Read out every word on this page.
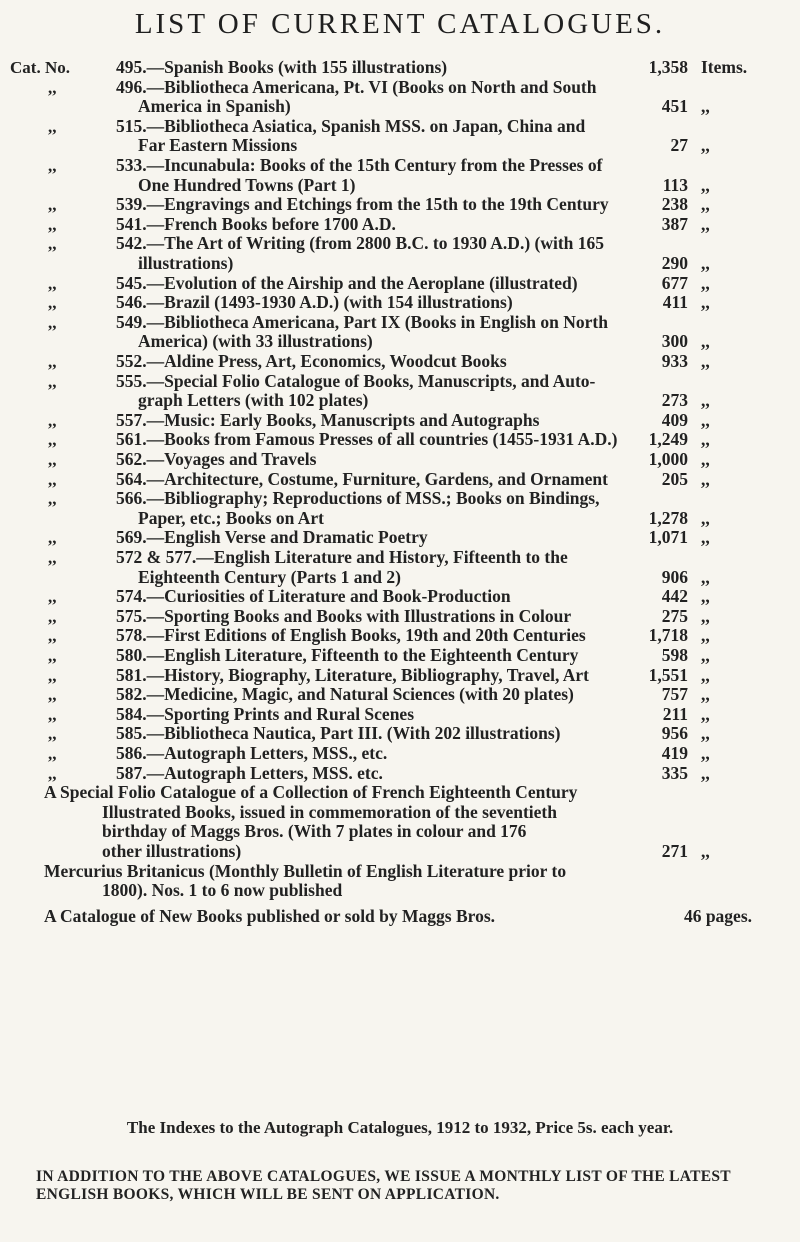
LIST OF CURRENT CATALOGUES.
Cat. No.	495.—Spanish Books (with 155 illustrations)	1,358 Items.
,,	496.—Bibliotheca Americana, Pt. VI (Books on North and South
America in Spanish)	451 ,,
,,	515.—Bibliotheca Asiatica, Spanish MSS. on Japan, China and
Far Eastern Missions	27 ,,
,,	533.—Incunabula: Books of the 15th Century from the Presses of
One Hundred Towns (Part 1)	113 ,,
,,	539.—Engravings and Etchings from the 15th to the 19th Century	238 ,,
,,	541.—French Books before 1700 A.D.	387 ,,
,,	542.—The Art of Writing (from 2800 B.C. to 1930 A.D.) (with 165
illustrations)	290 ,,
,,	545.—Evolution of the Airship and the Aeroplane (illustrated)	677 ,,
,,	546.—Brazil (1493-1930 A.D.) (with 154 illustrations)	411 ,,
,,	549.—Bibliotheca Americana, Part IX (Books in English on North
America) (with 33 illustrations)	300 ,,
,,	552.—Aldine Press, Art, Economics, Woodcut Books	933 ,,
,,	555.—Special Folio Catalogue of Books, Manuscripts, and Auto-
graph Letters (with 102 plates)	273 ,,
,,	557.—Music: Early Books, Manuscripts and Autographs	409 ,,
,,	561.—Books from Famous Presses of all countries (1455-1931 A.D.) 1,249 ,,
,,	562.—Voyages and Travels	1,000 ,,
,,	564.—Architecture, Costume, Furniture, Gardens, and Ornament	205 ,,
,,	566.—Bibliography; Reproductions of MSS.; Books on Bindings,
Paper, etc.; Books on Art	1,278 ,,
,,	569.—English Verse and Dramatic Poetry	1,071 ,,
,,	572 & 577.—English Literature and History, Fifteenth to the
Eighteenth Century (Parts 1 and 2)	906 ,,
,,	574.—Curiosities of Literature and Book-Production	442 ,,
,,	575.—Sporting Books and Books with Illustrations in Colour	275 ,,
,,	578.—First Editions of English Books, 19th and 20th Centuries	1,718 ,,
,,	580.—English Literature, Fifteenth to the Eighteenth Century	598 ,,
,,	581.—History, Biography, Literature, Bibliography, Travel, Art	1,551 ,,
,,	582.—Medicine, Magic, and Natural Sciences (with 20 plates)	757 ,,
,,	584.—Sporting Prints and Rural Scenes	211 ,,
,,	585.—Bibliotheca Nautica, Part III. (With 202 illustrations)	956 ,,
,,	586.—Autograph Letters, MSS., etc.	419 ,,
,,	587.—Autograph Letters, MSS. etc.	335 ,,
A Special Folio Catalogue of a Collection of French Eighteenth Century
Illustrated Books, issued in commemoration of the seventieth
birthday of Maggs Bros. (With 7 plates in colour and 176
other illustrations)	271 ,,
Mercurius Britanicus (Monthly Bulletin of English Literature prior to
1800). Nos. 1 to 6 now published
A Catalogue of New Books published or sold by Maggs Bros.	46 pages.
The Indexes to the Autograph Catalogues, 1912 to 1932, Price 5s. each year.
IN ADDITION TO THE ABOVE CATALOGUES, WE ISSUE A MONTHLY LIST OF THE LATEST ENGLISH BOOKS, WHICH WILL BE SENT ON APPLICATION.
